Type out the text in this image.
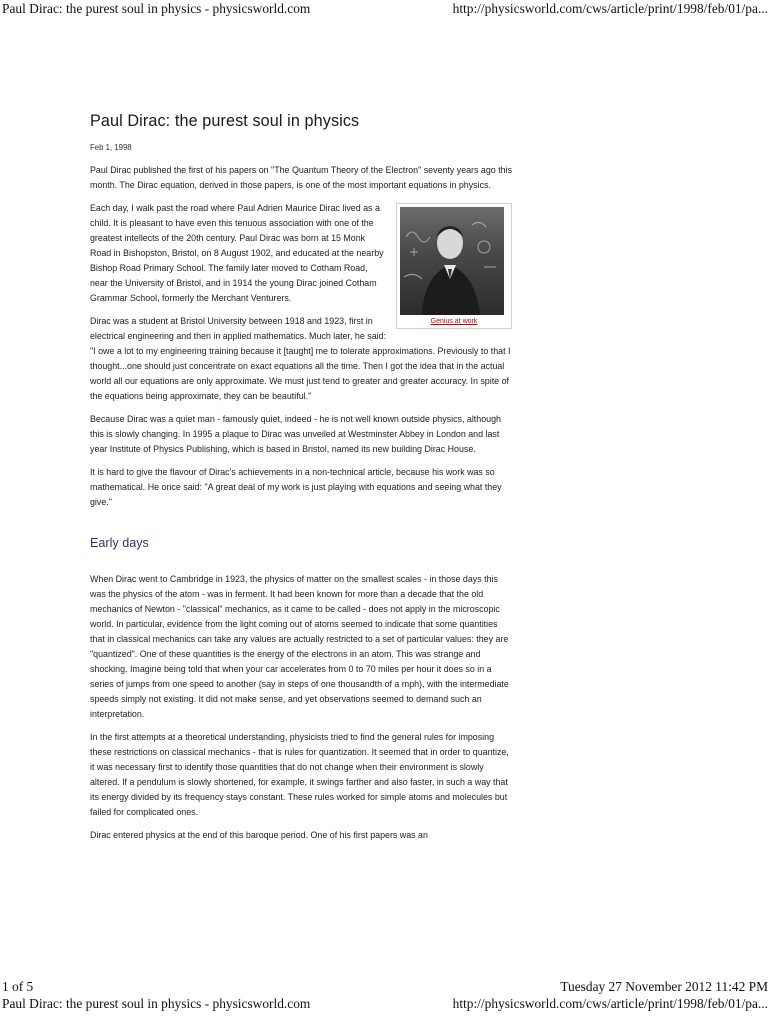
Paul Dirac: the purest soul in physics - physicsworld.com	http://physicsworld.com/cws/article/print/1998/feb/01/pa...
Paul Dirac: the purest soul in physics
Feb 1, 1998

Paul Dirac published the first of his papers on "The Quantum Theory of the Electron" seventy years ago this month. The Dirac equation, derived in those papers, is one of the most important equations in physics.

Genius at work

Each day, I walk past the road where Paul Adrien Maurice Dirac lived as a child. It is pleasant to have even this tenuous association with one of the greatest intellects of the 20th century. Paul Dirac was born at 15 Monk Road in Bishopston, Bristol, on 8 August 1902, and educated at the nearby Bishop Road Primary School. The family later moved to Cotham Road, near the University of Bristol, and in 1914 the young Dirac joined Cotham Grammar School, formerly the Merchant Venturers.

Dirac was a student at Bristol University between 1918 and 1923, first in electrical engineering and then in applied mathematics. Much later, he said: "I owe a lot to my engineering training because it [taught] me to tolerate approximations. Previously to that I thought...one should just concentrate on exact equations all the time. Then I got the idea that in the actual world all our equations are only approximate. We must just tend to greater and greater accuracy. In spite of the equations being approximate, they can be beautiful."

Because Dirac was a quiet man - famously quiet, indeed - he is not well known outside physics, although this is slowly changing. In 1995 a plaque to Dirac was unveiled at Westminster Abbey in London and last year Institute of Physics Publishing, which is based in Bristol, named its new building Dirac House.

It is hard to give the flavour of Dirac's achievements in a non-technical article, because his work was so mathematical. He once said: "A great deal of my work is just playing with equations and seeing what they give."

Early days

When Dirac went to Cambridge in 1923, the physics of matter on the smallest scales - in those days this was the physics of the atom - was in ferment. It had been known for more than a decade that the old mechanics of Newton - "classical" mechanics, as it came to be called - does not apply in the microscopic world. In particular, evidence from the light coming out of atoms seemed to indicate that some quantities that in classical mechanics can take any values are actually restricted to a set of particular values: they are "quantized". One of these quantities is the energy of the electrons in an atom. This was strange and shocking. Imagine being told that when your car accelerates from 0 to 70 miles per hour it does so in a series of jumps from one speed to another (say in steps of one thousandth of a mph), with the intermediate speeds simply not existing. It did not make sense, and yet observations seemed to demand such an interpretation.

In the first attempts at a theoretical understanding, physicists tried to find the general rules for imposing these restrictions on classical mechanics - that is rules for quantization. It seemed that in order to quantize, it was necessary first to identify those quantities that do not change when their environment is slowly altered. If a pendulum is slowly shortened, for example, it swings farther and also faster, in such a way that its energy divided by its frequency stays constant. These rules worked for simple atoms and molecules but failed for complicated ones.

Dirac entered physics at the end of this baroque period. One of his first papers was an

1 of 5	Tuesday 27 November 2012 11:42 PM
Paul Dirac: the purest soul in physics - physicsworld.com	http://physicsworld.com/cws/article/print/1998/feb/01/pa...
